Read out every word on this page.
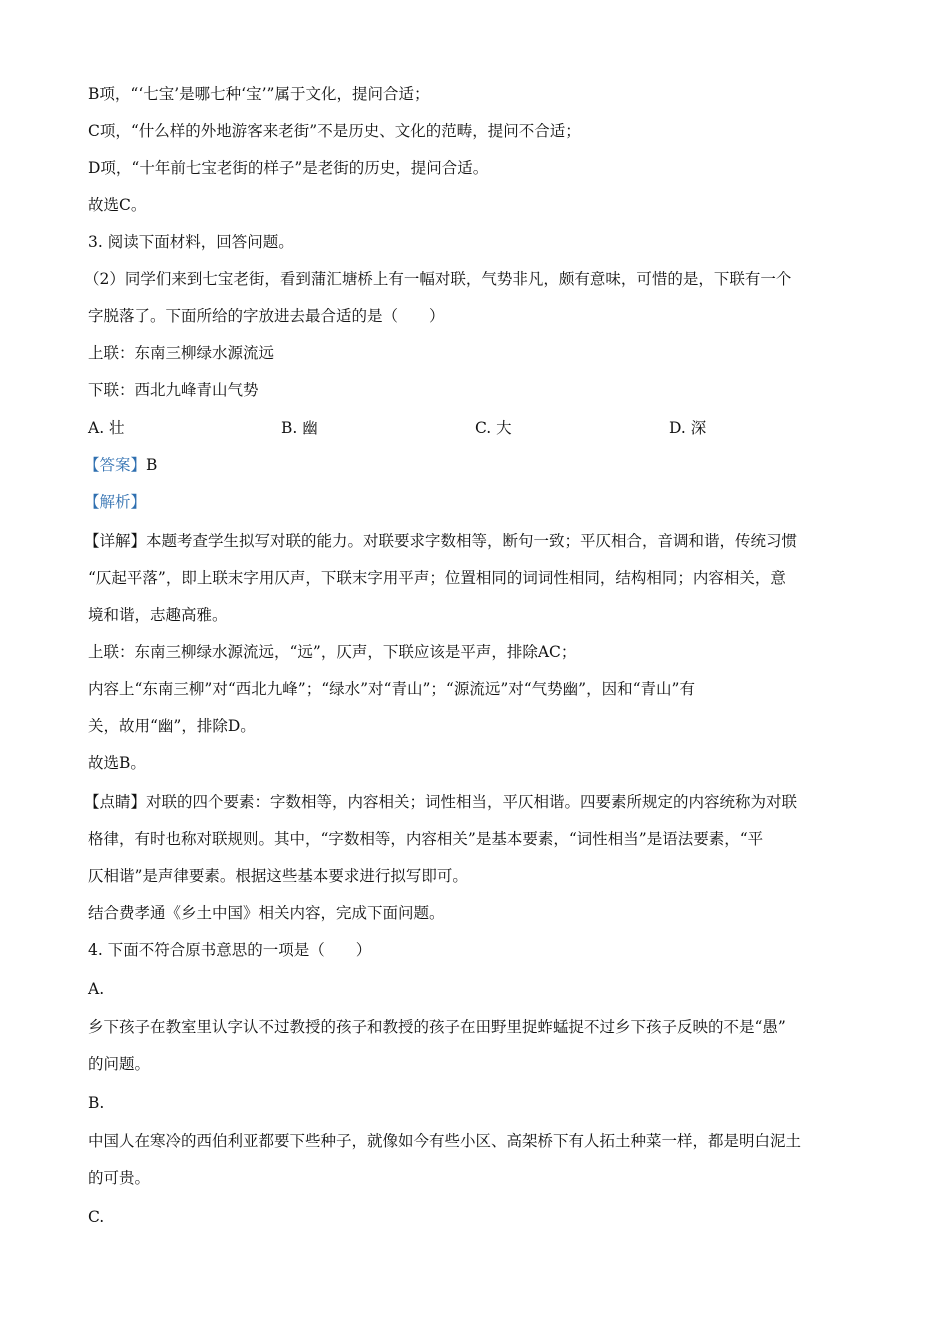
B项，“‘七宝’是哪七种‘宝’”属于文化，提问合适；
C项，“什么样的外地游客来老街”不是历史、文化的范畴，提问不合适；
D项，“十年前七宝老街的样子”是老街的历史，提问合适。
故选C。
3. 阅读下面材料，回答问题。
（2）同学们来到七宝老街，看到蒲汇塘桥上有一幅对联，气势非凡，颇有意味，可惜的是，下联有一个
字脱落了。下面所给的字放进去最合适的是（　　）
上联：东南三柳绿水源流远
下联：西北九峰青山气势
A. 壮	B. 幽	C. 大	D. 深
【答案】B
【解析】
【详解】本题考查学生拟写对联的能力。对联要求字数相等，断句一致；平仄相合，音调和谐，传统习惯
“仄起平落”，即上联末字用仄声，下联末字用平声；位置相同的词词性相同，结构相同；内容相关，意
境和谐，志趣高雅。
上联：东南三柳绿水源流远，“远”，仄声，下联应该是平声，排除AC；
内容上“东南三柳”对“西北九峰”；“绿水”对“青山”；“源流远”对“气势幽”，因和“青山”有
关，故用“幽”，排除D。
故选B。
【点睛】对联的四个要素：字数相等，内容相关；词性相当，平仄相谐。四要素所规定的内容统称为对联
格律，有时也称对联规则。其中，“字数相等，内容相关”是基本要素，“词性相当”是语法要素，“平
仄相谐”是声律要素。根据这些基本要求进行拟写即可。
结合费孝通《乡土中国》相关内容，完成下面问题。
4. 下面不符合原书意思的一项是（　　）
A.
乡下孩子在教室里认字认不过教授的孩子和教授的孩子在田野里捉蚱蜢捉不过乡下孩子反映的不是“愚”
的问题。
B.
中国人在寒冷的西伯利亚都要下些种子，就像如今有些小区、高架桥下有人拓土种菜一样，都是明白泥土
的可贵。
C.
